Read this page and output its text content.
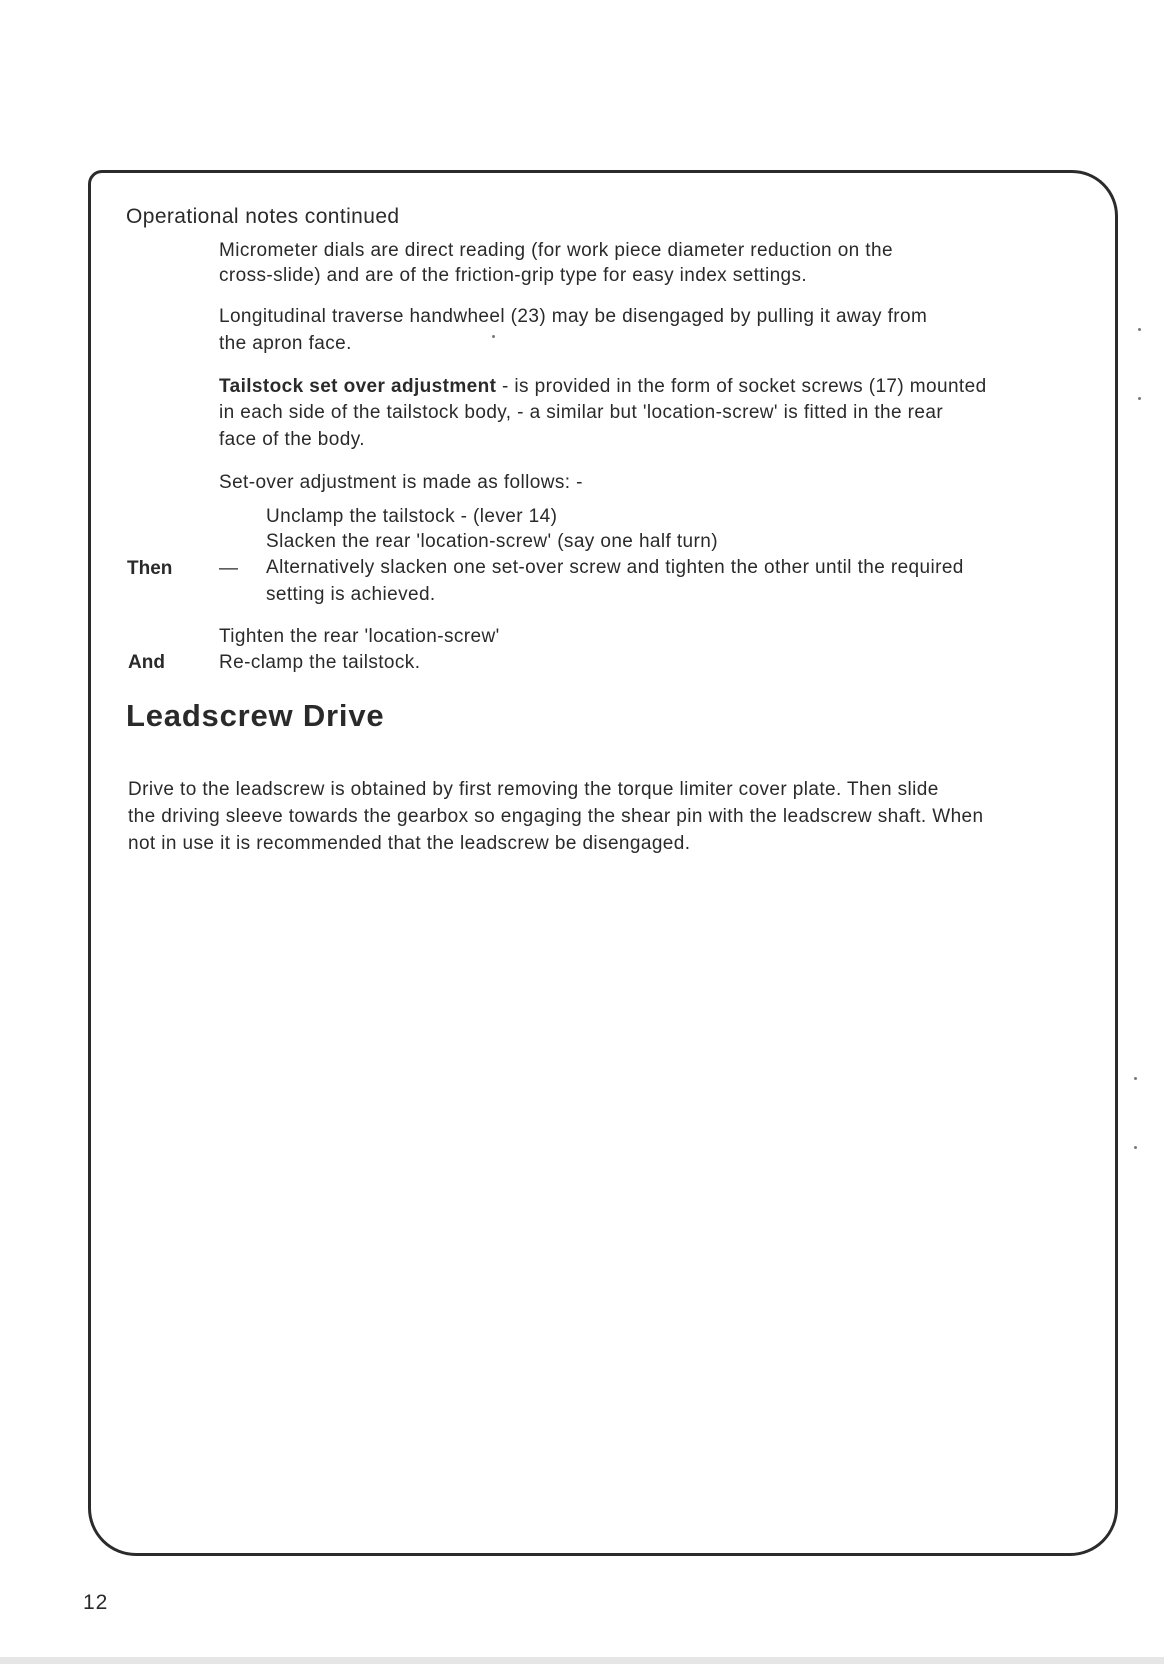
Operational notes continued
Micrometer dials are direct reading (for work piece diameter reduction on the
cross-slide) and are of the friction-grip type for easy index settings.
Longitudinal traverse handwheel (23) may be disengaged by pulling it away from
the apron face.
Tailstock set over adjustment - is provided in the form of socket screws (17) mounted
in each side of the tailstock body, - a similar but 'location-screw' is fitted in the rear
face of the body.
Set-over adjustment is made as follows: -
Unclamp the tailstock - (lever 14)
Slacken the rear 'location-screw' (say one half turn)
Then — Alternatively slacken one set-over screw and tighten the other until the required
setting is achieved.
Tighten the rear 'location-screw'
And	Re-clamp the tailstock.
Leadscrew Drive
Drive to the leadscrew is obtained by first removing the torque limiter cover plate. Then slide
the driving sleeve towards the gearbox so engaging the shear pin with the leadscrew shaft. When
not in use it is recommended that the leadscrew be disengaged.
12
